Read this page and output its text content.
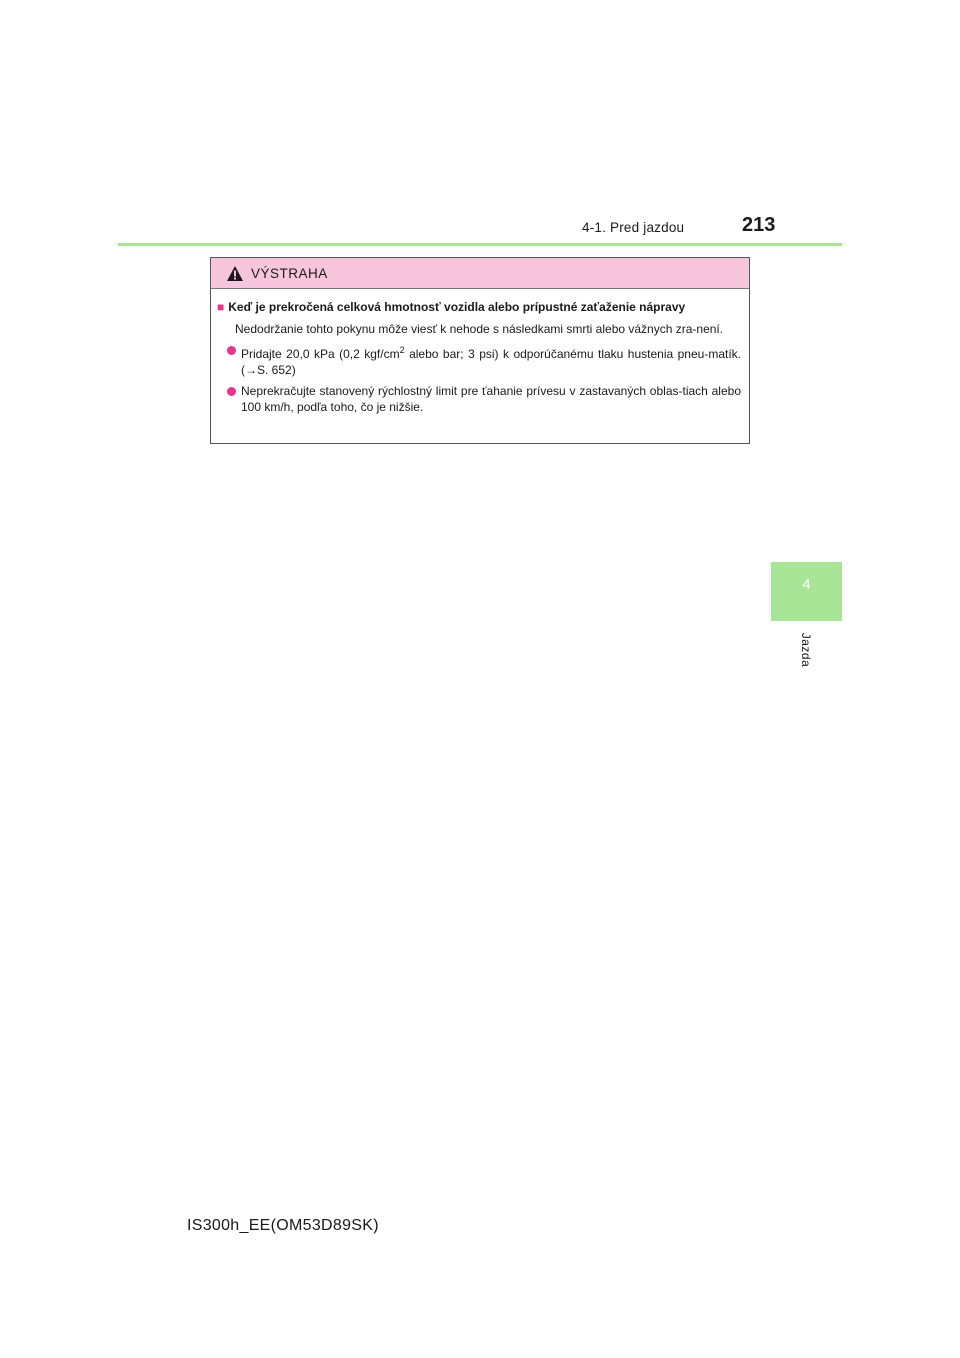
4-1. Pred jazdou	213
4
Jazda
VÝSTRAHA
■ Keď je prekročená celková hmotnosť vozidla alebo prípustné zaťaženie nápravy
Nedodržanie tohto pokynu môže viesť k nehode s následkami smrti alebo vážnych zra-není.
Pridajte 20,0 kPa (0,2 kgf/$cm^2$ alebo bar; 3 psi) k odporúčanému tlaku hustenia pneu-matík. (→S. 652)
Neprekračujte stanovený rýchlostný limit pre ťahanie prívesu v zastavaných oblas-tiach alebo 100 km/h, podľa toho, čo je nižšie.
IS300h_EE(OM53D89SK)
